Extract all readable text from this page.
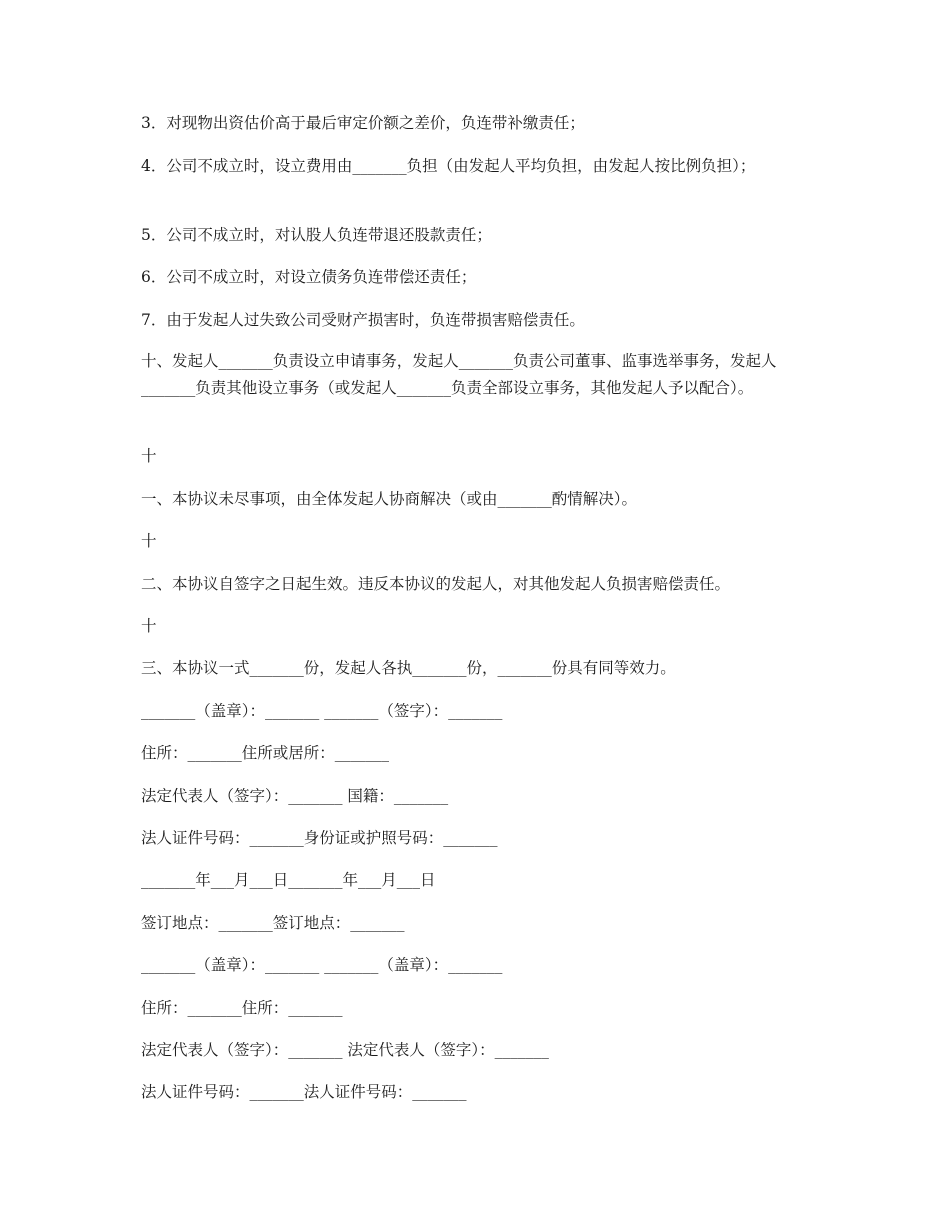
3．对现物出资估价高于最后审定价额之差价，负连带补缴责任；
4．公司不成立时，设立费用由_______负担（由发起人平均负担，由发起人按比例负担）；
5．公司不成立时，对认股人负连带退还股款责任；
6．公司不成立时，对设立债务负连带偿还责任；
7．由于发起人过失致公司受财产损害时，负连带损害赔偿责任。
十、发起人_______负责设立申请事务，发起人_______负责公司董事、监事选举事务，发起人_______负责其他设立事务（或发起人_______负责全部设立事务，其他发起人予以配合）。
十
一、本协议未尽事项，由全体发起人协商解决（或由_______酌情解决）。
十
二、本协议自签字之日起生效。违反本协议的发起人，对其他发起人负损害赔偿责任。
十
三、本协议一式_______份，发起人各执_______份，_______份具有同等效力。
_______（盖章）：_______ _______（签字）：_______
住所：_______住所或居所：_______
法定代表人（签字）：_______ 国籍：_______
法人证件号码：_______身份证或护照号码：_______
_______年___月___日_______年___月___日
签订地点：_______签订地点：_______
_______（盖章）：_______ _______（盖章）：_______
住所：_______住所：_______
法定代表人（签字）：_______ 法定代表人（签字）：_______
法人证件号码：_______法人证件号码：_______
